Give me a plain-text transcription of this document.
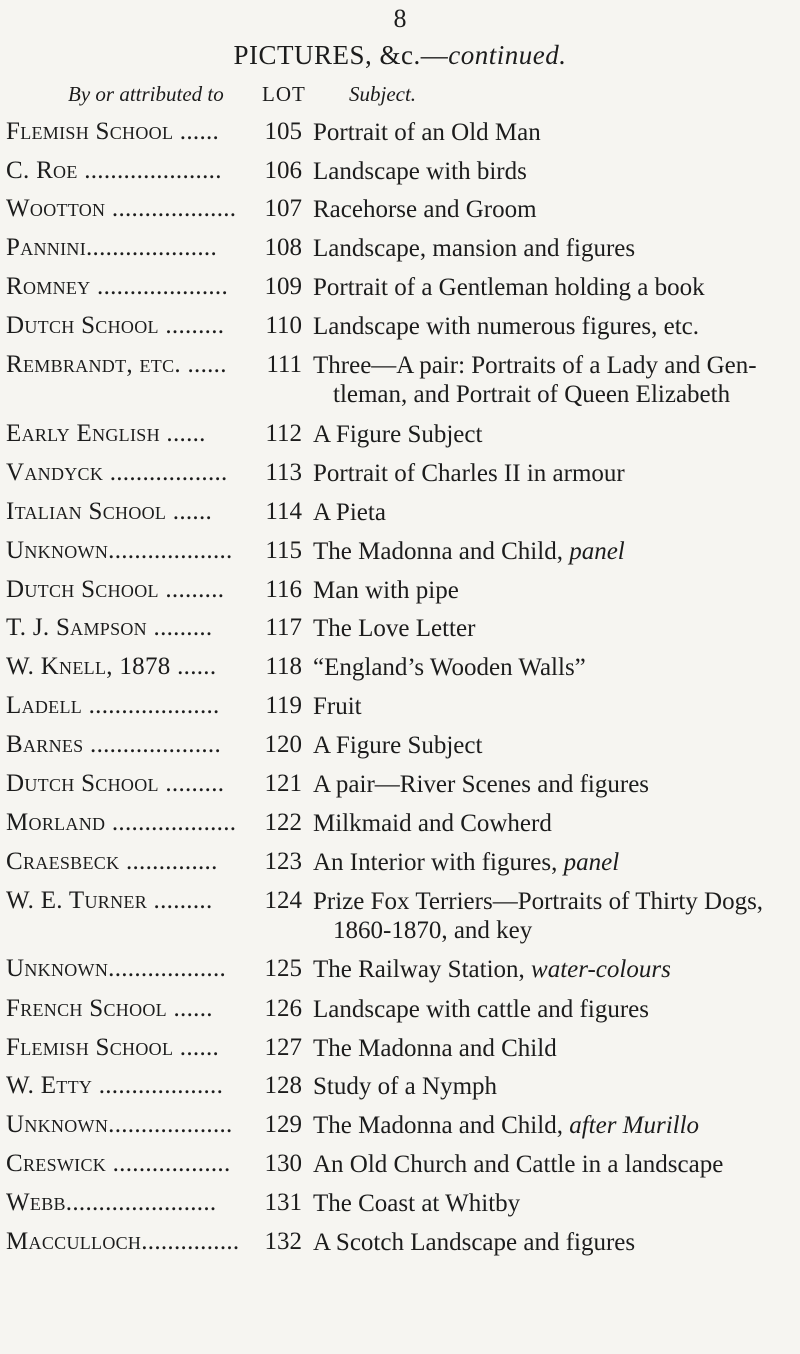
8
PICTURES, &c.—continued.
By or attributed to LOT Subject.
Flemish School ......	105 Portrait of an Old Man
C. Roe .....................	106 Landscape with birds
Wootton ...................	107 Racehorse and Groom
Pannini....................	108 Landscape, mansion and figures
Romney ....................	109 Portrait of a Gentleman holding a book
Dutch School .........	110 Landscape with numerous figures, etc.
Rembrandt, etc. ......	111 Three—A pair: Portraits of a Lady and Gen-
tleman, and Portrait of Queen Elizabeth
Early English ......	112 A Figure Subject
Vandyck ..................	113 Portrait of Charles II in armour
Italian School ......	114 A Pieta
Unknown...................	115 The Madonna and Child, panel
Dutch School .........	116 Man with pipe
T. J. Sampson .........	117 The Love Letter
W. Knell, 1878 ......	118 “England’s Wooden Walls”
Ladell ....................	119 Fruit
Barnes ....................	120 A Figure Subject
Dutch School .........	121 A pair—River Scenes and figures
Morland ...................	122 Milkmaid and Cowherd
Craesbeck ..............	123 An Interior with figures, panel
W. E. Turner .........	124 Prize Fox Terriers—Portraits of Thirty Dogs,
1860-1870, and key
Unknown..................	125 The Railway Station, water-colours
French School ......	126 Landscape with cattle and figures
Flemish School ......	127 The Madonna and Child
W. Etty ...................	128 Study of a Nymph
Unknown...................	129 The Madonna and Child, after Murillo
Creswick ..................	130 An Old Church and Cattle in a landscape
Webb.......................	131 The Coast at Whitby
Macculloch...............	132 A Scotch Landscape and figures
